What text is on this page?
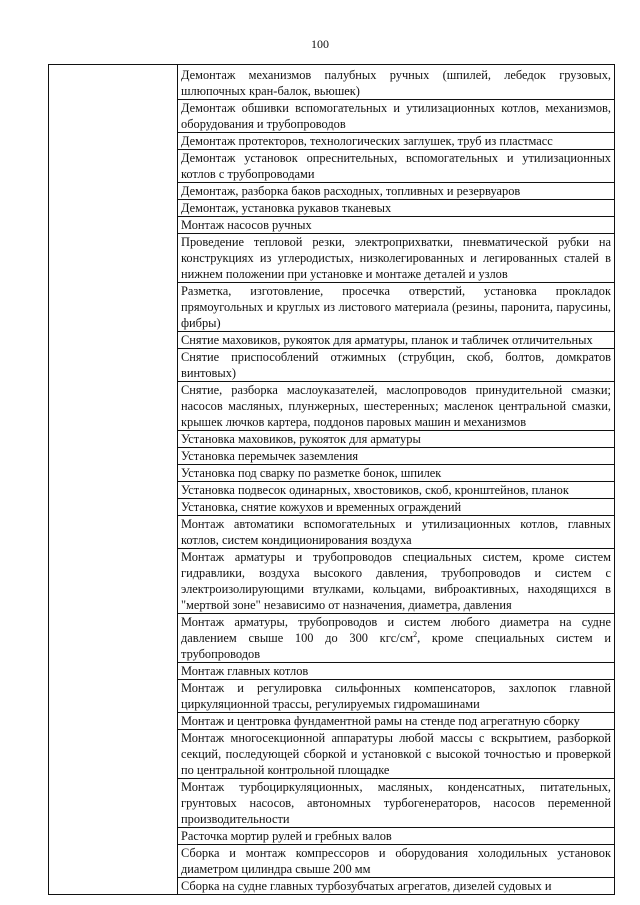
100
	Демонтаж механизмов палубных ручных (шпилей, лебедок грузовых, шлюпочных кран-балок, вьюшек)
Демонтаж обшивки вспомогательных и утилизационных котлов, механизмов, оборудования и трубопроводов
Демонтаж протекторов, технологических заглушек, труб из пластмасс
Демонтаж установок опреснительных, вспомогательных и утилизационных котлов с трубопроводами
Демонтаж, разборка баков расходных, топливных и резервуаров
Демонтаж, установка рукавов тканевых
Монтаж насосов ручных
Проведение тепловой резки, электроприхватки, пневматической рубки на конструкциях из углеродистых, низколегированных и легированных сталей в нижнем положении при установке и монтаже деталей и узлов
Разметка, изготовление, просечка отверстий, установка прокладок прямоугольных и круглых из листового материала (резины, паронита, парусины, фибры)
Снятие маховиков, рукояток для арматуры, планок и табличек отличительных
Снятие приспособлений отжимных (струбцин, скоб, болтов, домкратов винтовых)
Снятие, разборка маслоуказателей, маслопроводов принудительной смазки; насосов масляных, плунжерных, шестеренных; масленок центральной смазки, крышек лючков картера, поддонов паровых машин и механизмов
Установка маховиков, рукояток для арматуры
Установка перемычек заземления
Установка под сварку по разметке бонок, шпилек
Установка подвесок одинарных, хвостовиков, скоб, кронштейнов, планок
Установка, снятие кожухов и временных ограждений
Монтаж автоматики вспомогательных и утилизационных котлов, главных котлов, систем кондиционирования воздуха
Монтаж арматуры и трубопроводов специальных систем, кроме систем гидравлики, воздуха высокого давления, трубопроводов и систем с электроизолирующими втулками, кольцами, виброактивных, находящихся в "мертвой зоне" независимо от назначения, диаметра, давления
Монтаж арматуры, трубопроводов и систем любого диаметра на судне давлением свыше 100 до 300 кгс/$см^2$, кроме специальных систем и трубопроводов
Монтаж главных котлов
Монтаж и регулировка сильфонных компенсаторов, захлопок главной циркуляционной трассы, регулируемых гидромашинами
Монтаж и центровка фундаментной рамы на стенде под агрегатную сборку
Монтаж многосекционной аппаратуры любой массы с вскрытием, разборкой секций, последующей сборкой и установкой с высокой точностью и проверкой по центральной контрольной площадке
Монтаж турбоциркуляционных, масляных, конденсатных, питательных, грунтовых насосов, автономных турбогенераторов, насосов переменной производительности
Расточка мортир рулей и гребных валов
Сборка и монтаж компрессоров и оборудования холодильных установок диаметром цилиндра свыше 200 мм
Сборка на судне главных турбозубчатых агрегатов, дизелей судовых и
